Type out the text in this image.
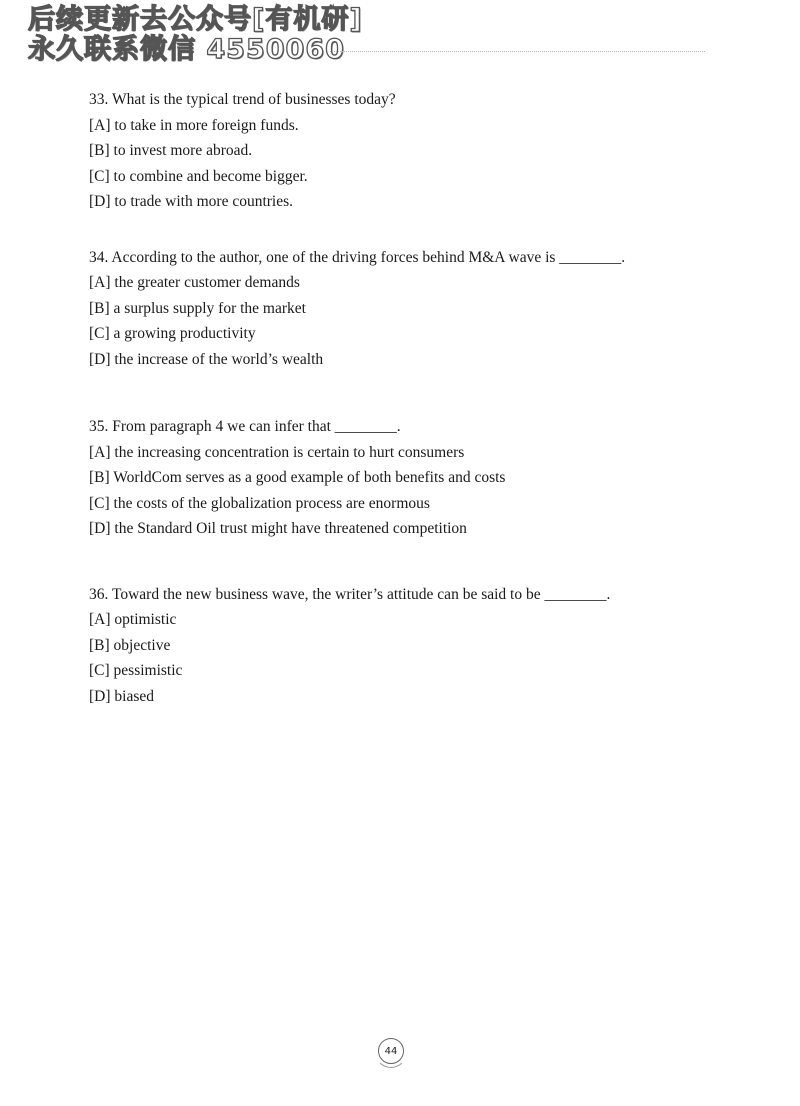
后续更新去公众号[有机研]
永久联系微信 4550060

33. What is the typical trend of businesses today?

[A] to take in more foreign funds.

[B] to invest more abroad.

[C] to combine and become bigger.

[D] to trade with more countries.

34. According to the author, one of the driving forces behind M&A wave is ________.

[A] the greater customer demands

[B] a surplus supply for the market

[C] a growing productivity

[D] the increase of the world’s wealth

35. From paragraph 4 we can infer that ________.

[A] the increasing concentration is certain to hurt consumers

[B] WorldCom serves as a good example of both benefits and costs

[C] the costs of the globalization process are enormous

[D] the Standard Oil trust might have threatened competition

36. Toward the new business wave, the writer’s attitude can be said to be ________.

[A] optimistic

[B] objective

[C] pessimistic

[D] biased

44
